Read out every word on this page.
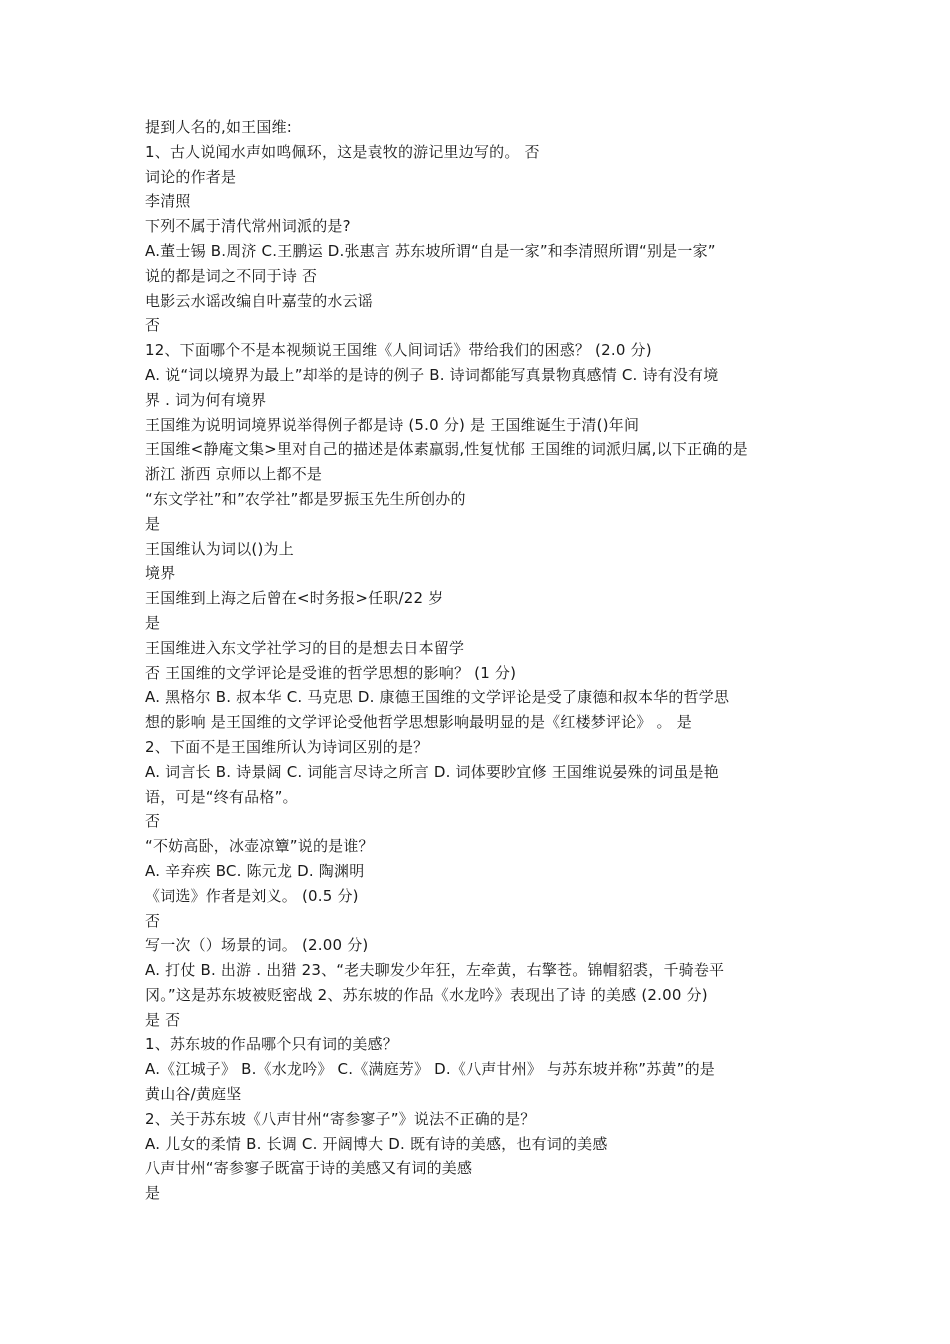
提到人名的,如王国维:
1、古人说闻水声如鸣佩环，这是袁牧的游记里边写的。 否
词论的作者是
李清照
下列不属于清代常州词派的是?
A.董士锡 B.周济 C.王鹏运 D.张惠言 苏东坡所谓“自是一家”和李清照所谓“别是一家”
说的都是词之不同于诗 否
电影云水谣改编自叶嘉莹的水云谣
否
12、下面哪个不是本视频说王国维《人间词话》带给我们的困惑？ (2.0 分)
A. 说“词以境界为最上”却举的是诗的例子 B. 诗词都能写真景物真感情 C. 诗有没有境
界 . 词为何有境界
王国维为说明词境界说举得例子都是诗 (5.0 分) 是 王国维诞生于清()年间
王国维<静庵文集>里对自己的描述是体素羸弱,性复忧郁 王国维的词派归属,以下正确的是
浙江 浙西 京师以上都不是
“东文学社”和”农学社”都是罗振玉先生所创办的
是
王国维认为词以()为上
境界
王国维到上海之后曾在<时务报>任职/22 岁
是
王国维进入东文学社学习的目的是想去日本留学
否 王国维的文学评论是受谁的哲学思想的影响？ (1 分)
A. 黑格尔 B. 叔本华 C. 马克思 D. 康德王国维的文学评论是受了康德和叔本华的哲学思
想的影响 是王国维的文学评论受他哲学思想影响最明显的是《红楼梦评论》 。 是
2、下面不是王国维所认为诗词区别的是？
A. 词言长 B. 诗景阔 C. 词能言尽诗之所言 D. 词体要眇宜修 王国维说晏殊的词虽是艳
语，可是“终有品格”。
否
“不妨高卧，冰壶凉簟”说的是谁？
A. 辛弃疾 BC. 陈元龙 D. 陶渊明
《词选》作者是刘义。 (0.5 分)
否
写一次（）场景的词。 (2.00 分)
A. 打仗 B. 出游 . 出猎 23、“老夫聊发少年狂，左牵黄，右擎苍。锦帽貂裘，千骑卷平
冈。”这是苏东坡被贬密战 2、苏东坡的作品《水龙吟》表现出了诗 的美感 (2.00 分)
是 否
1、苏东坡的作品哪个只有词的美感？
A.《江城子》 B.《水龙吟》 C.《满庭芳》 D.《八声甘州》 与苏东坡并称”苏黄”的是
黄山谷/黄庭坚
2、关于苏东坡《八声甘州“寄参寥子”》说法不正确的是？
A. 儿女的柔情 B. 长调 C. 开阔博大 D. 既有诗的美感，也有词的美感
八声甘州“寄参寥子既富于诗的美感又有词的美感
是
